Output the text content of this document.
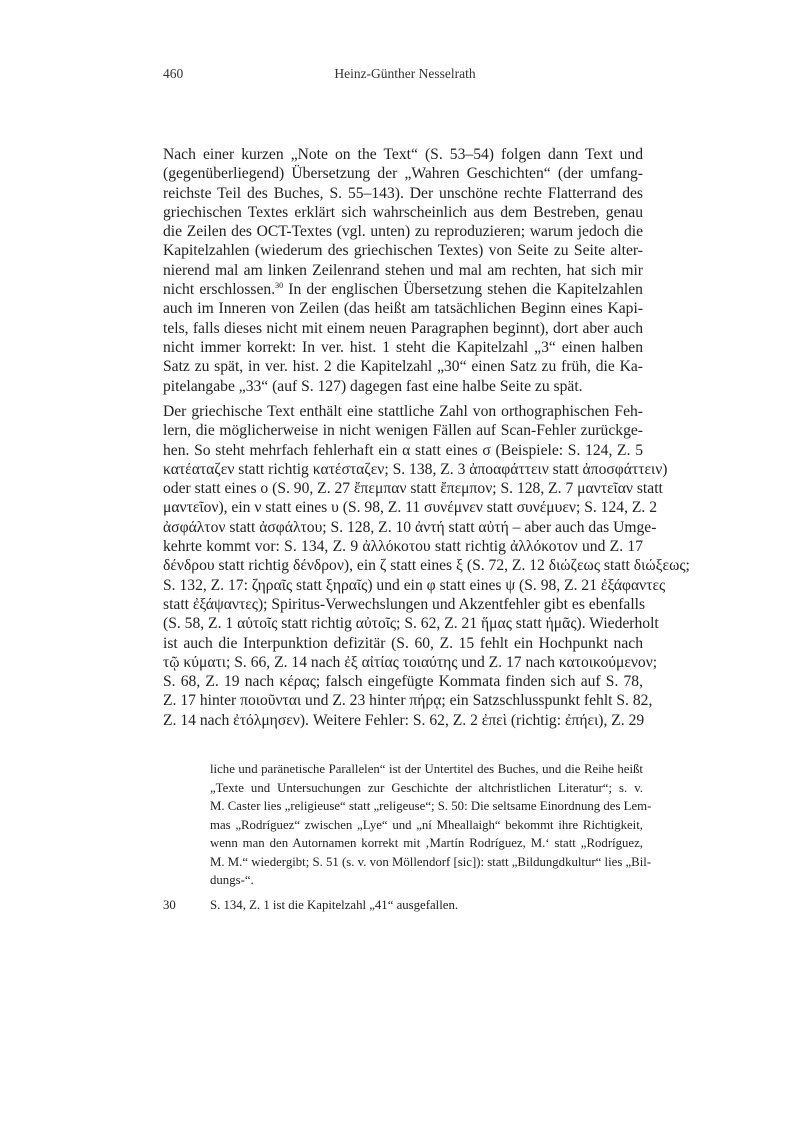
460	Heinz-Günther Nesselrath
Nach einer kurzen „Note on the Text“ (S. 53–54) folgen dann Text und
(gegenüberliegend) Übersetzung der „Wahren Geschichten“ (der umfang-
reichste Teil des Buches, S. 55–143). Der unschöne rechte Flatterrand des
griechischen Textes erklärt sich wahrscheinlich aus dem Bestreben, genau
die Zeilen des OCT-Textes (vgl. unten) zu reproduzieren; warum jedoch die
Kapitelzahlen (wiederum des griechischen Textes) von Seite zu Seite alter-
nierend mal am linken Zeilenrand stehen und mal am rechten, hat sich mir
nicht erschlossen.$^{30}$ In der englischen Übersetzung stehen die Kapitelzahlen
auch im Inneren von Zeilen (das heißt am tatsächlichen Beginn eines Kapi-
tels, falls dieses nicht mit einem neuen Paragraphen beginnt), dort aber auch
nicht immer korrekt: In ver. hist. 1 steht die Kapitelzahl „3“ einen halben
Satz zu spät, in ver. hist. 2 die Kapitelzahl „30“ einen Satz zu früh, die Ka-
pitelangabe „33“ (auf S. 127) dagegen fast eine halbe Seite zu spät.
Der griechische Text enthält eine stattliche Zahl von orthographischen Feh-
lern, die möglicherweise in nicht wenigen Fällen auf Scan-Fehler zurückge-
hen. So steht mehrfach fehlerhaft ein α statt eines σ (Beispiele: S. 124, Z. 5
κατέαταζεν statt richtig κατέσταζεν; S. 138, Z. 3 ἀποαφάττειν statt ἀποσφάττειν)
oder statt eines ο (S. 90, Z. 27 ἔπεμπαν statt ἔπεμπον; S. 128, Z. 7 μαντεῖαν statt
μαντεῖον), ein ν statt eines υ (S. 98, Z. 11 συνέμνεν statt συνέμυεν; S. 124, Z. 2
ἀσφάλτον statt ἀσφάλτου; S. 128, Z. 10 ἀντή statt αὐτή – aber auch das Umge-
kehrte kommt vor: S. 134, Z. 9 ἀλλόκοτου statt richtig ἀλλόκοτον und Z. 17
δένδρου statt richtig δένδρον), ein ζ statt eines ξ (S. 72, Z. 12 διώζεως statt διώξεως;
S. 132, Z. 17: ζηραῖς statt ξηραῖς) und ein φ statt eines ψ (S. 98, Z. 21 ἐξάφαντες
statt ἐξάψαντες); Spiritus-Verwechslungen und Akzentfehler gibt es ebenfalls
(S. 58, Z. 1 αὑτοῖς statt richtig αὐτοῖς; S. 62, Z. 21 ἥμας statt ἡμᾶς). Wiederholt
ist auch die Interpunktion defizitär (S. 60, Z. 15 fehlt ein Hochpunkt nach
τῷ κύματι; S. 66, Z. 14 nach ἐξ αἰτίας τοιαύτης und Z. 17 nach κατοικούμενον;
S. 68, Z. 19 nach κέρας; falsch eingefügte Kommata finden sich auf S. 78,
Z. 17 hinter ποιοῦνται und Z. 23 hinter πήρᾳ; ein Satzschlusspunkt fehlt S. 82,
Z. 14 nach ἐτόλμησεν). Weitere Fehler: S. 62, Z. 2 ἐπεὶ (richtig: ἐπήει), Z. 29
liche und paränetische Parallelen“ ist der Untertitel des Buches, und die Reihe heißt
„Texte und Untersuchungen zur Geschichte der altchristlichen Literatur“; s. v.
M. Caster lies „religieuse“ statt „religeuse“; S. 50: Die seltsame Einordnung des Lem-
mas „Rodríguez“ zwischen „Lye“ und „ní Mheallaigh“ bekommt ihre Richtigkeit,
wenn man den Autornamen korrekt mit ‚Martín Rodríguez, M.‘ statt „Rodríguez,
M. M.“ wiedergibt; S. 51 (s. v. von Möllendorf [sic]): statt „Bildungdkultur“ lies „Bil-
dungs-“.
30	S. 134, Z. 1 ist die Kapitelzahl „41“ ausgefallen.
